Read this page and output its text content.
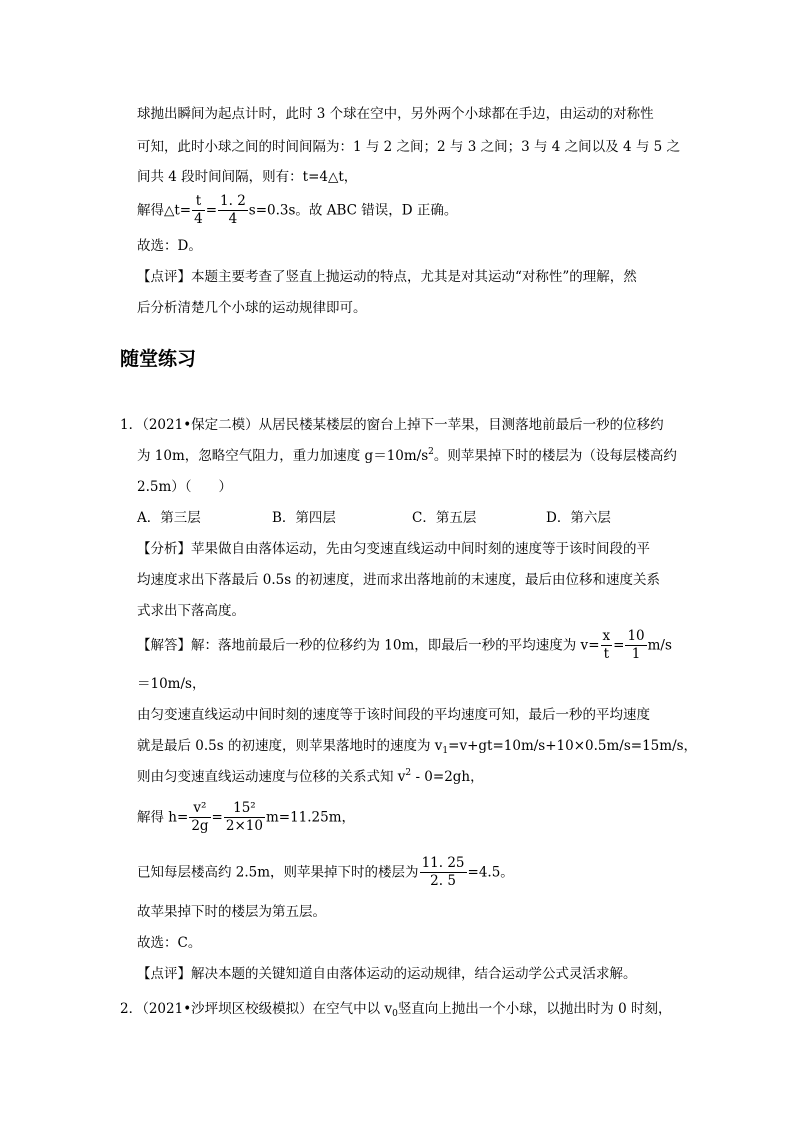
球抛出瞬间为起点计时，此时 3 个球在空中，另外两个小球都在手边，由运动的对称性
可知，此时小球之间的时间间隔为：1 与 2 之间；2 与 3 之间；3 与 4 之间以及 4 与 5 之
间共 4 段时间间隔，则有：t=4△t，
解得△t= $\frac{t}{4} = \frac{1. 2}{4} s=0.3s$。故 ABC 错误，D 正确。
故选：D。
【点评】本题主要考查了竖直上抛运动的特点，尤其是对其运动“对称性”的理解，然
后分析清楚几个小球的运动规律即可。
随堂练习
1．（2021•保定二模）从居民楼某楼层的窗台上掉下一苹果，目测落地前最后一秒的位移约
为 10m，忽略空气阻力，重力加速度 $g=10m/s^2$。则苹果掉下时的楼层为（设每层楼高约
2.5m）（　　）
A．第三层	B．第四层	C．第五层	D．第六层
【分析】苹果做自由落体运动，先由匀变速直线运动中间时刻的速度等于该时间段的平
均速度求出下落最后 0.5s 的初速度，进而求出落地前的末速度，最后由位移和速度关系
式求出下落高度。
【解答】解：落地前最后一秒的位移约为 10m，即最后一秒的平均速度为 $v= \frac{x}{t} = \frac{10}{1} m/s$
＝10m/s，
由匀变速直线运动中间时刻的速度等于该时间段的平均速度可知，最后一秒的平均速度
就是最后 0.5s 的初速度，则苹果落地时的速度为 $v_1=v+gt=10m/s+10\times 0.5m/s=15m/s$，
则由匀变速直线运动速度与位移的关系式知 $v^2 - 0=2gh$，
解得 $h= \frac{\text{v²}}{2g} = \frac{\text{15²}}{2\times 10} m=11.25m$，
已知每层楼高约 2.5m，则苹果掉下时的楼层为 $\frac{11. 25}{2. 5} =4.5$。
故苹果掉下时的楼层为第五层。
故选：C。
【点评】解决本题的关键知道自由落体运动的运动规律，结合运动学公式灵活求解。
2．（2021•沙坪坝区校级模拟）在空气中以 $v_0$竖直向上抛出一个小球，以抛出时为 0 时刻，
